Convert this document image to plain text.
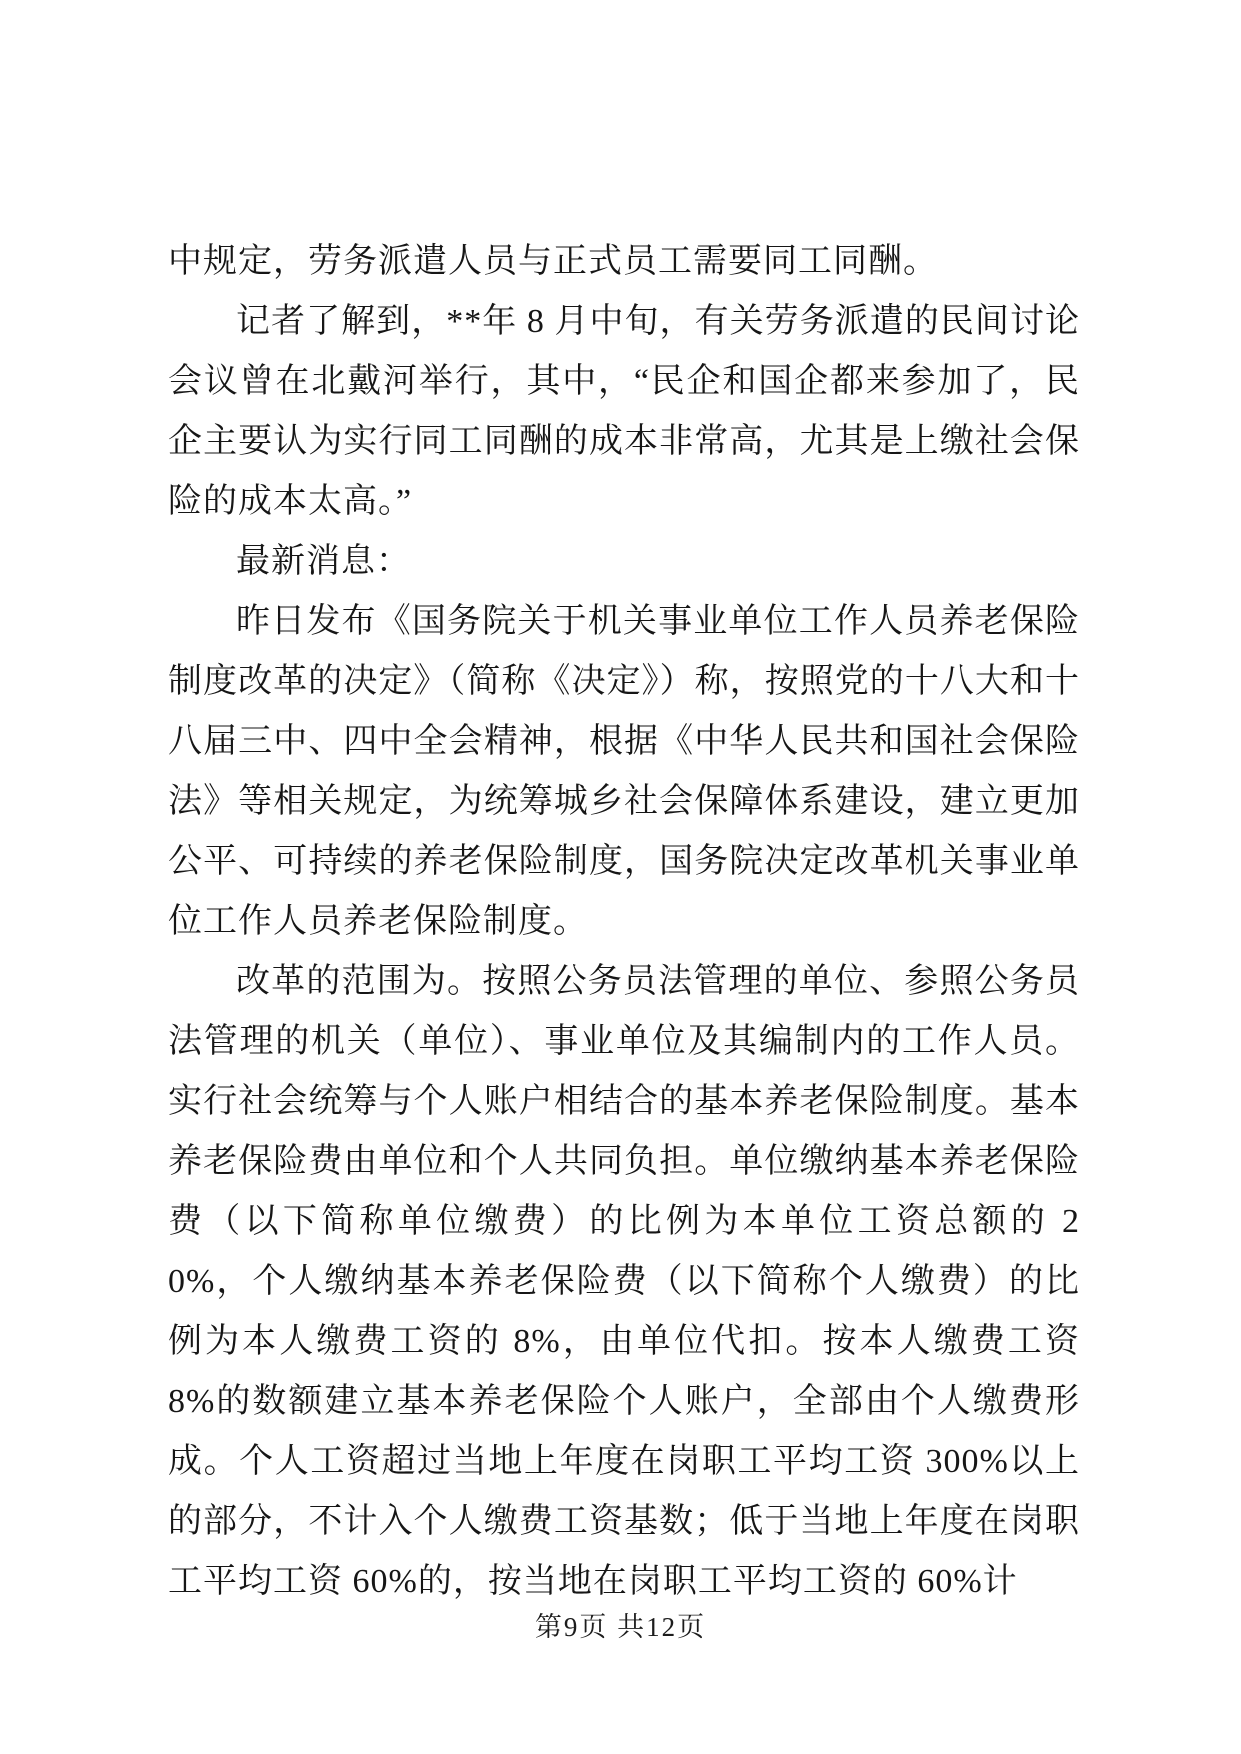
中规定，劳务派遣人员与正式员工需要同工同酬。

记者了解到，**年 8 月中旬，有关劳务派遣的民间讨论会议曾在北戴河举行，其中，“民企和国企都来参加了，民企主要认为实行同工同酬的成本非常高，尤其是上缴社会保险的成本太高。”

最新消息：

昨日发布《国务院关于机关事业单位工作人员养老保险制度改革的决定》（简称《决定》）称，按照党的十八大和十八届三中、四中全会精神，根据《中华人民共和国社会保险法》等相关规定，为统筹城乡社会保障体系建设，建立更加公平、可持续的养老保险制度，国务院决定改革机关事业单位工作人员养老保险制度。

改革的范围为。按照公务员法管理的单位、参照公务员法管理的机关（单位）、事业单位及其编制内的工作人员。实行社会统筹与个人账户相结合的基本养老保险制度。基本养老保险费由单位和个人共同负担。单位缴纳基本养老保险费（以下简称单位缴费）的比例为本单位工资总额的 20%，个人缴纳基本养老保险费（以下简称个人缴费）的比例为本人缴费工资的 8%，由单位代扣。按本人缴费工资 8%的数额建立基本养老保险个人账户，全部由个人缴费形成。个人工资超过当地上年度在岗职工平均工资 300%以上的部分，不计入个人缴费工资基数；低于当地上年度在岗职工平均工资 60%的，按当地在岗职工平均工资的 60%计

第9页 共12页
